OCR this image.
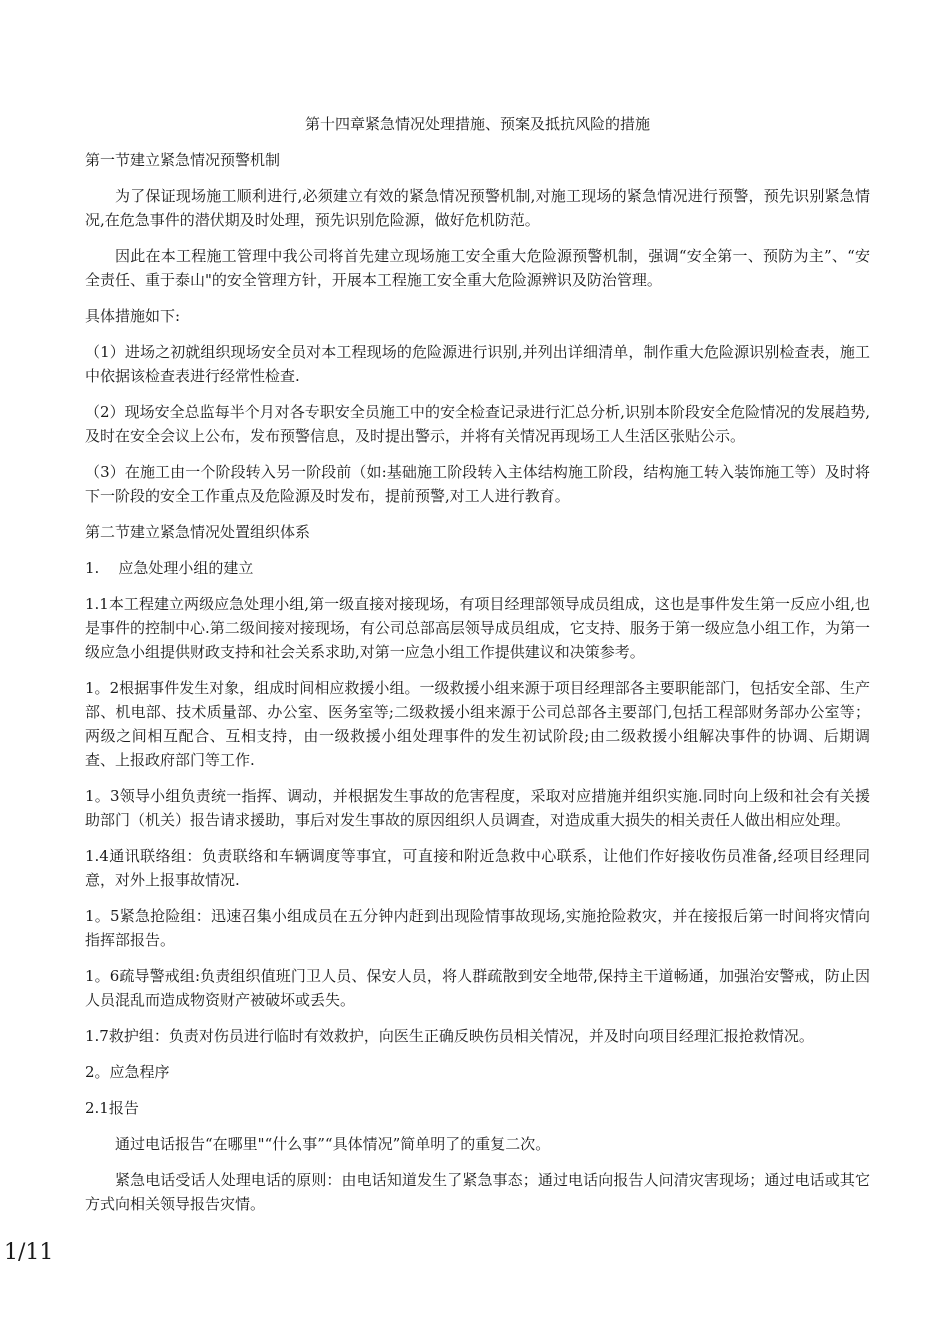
第十四章紧急情况处理措施、预案及抵抗风险的措施

第一节建立紧急情况预警机制

为了保证现场施工顺利进行,必须建立有效的紧急情况预警机制,对施工现场的紧急情况进行预警，预先识别紧急情况,在危急事件的潜伏期及时处理，预先识别危险源，做好危机防范。

因此在本工程施工管理中我公司将首先建立现场施工安全重大危险源预警机制，强调“安全第一、预防为主”、“安全责任、重于泰山"的安全管理方针，开展本工程施工安全重大危险源辨识及防治管理。

具体措施如下:

（1）进场之初就组织现场安全员对本工程现场的危险源进行识别,并列出详细清单，制作重大危险源识别检查表，施工中依据该检查表进行经常性检查.

（2）现场安全总监每半个月对各专职安全员施工中的安全检查记录进行汇总分析,识别本阶段安全危险情况的发展趋势,及时在安全会议上公布，发布预警信息，及时提出警示，并将有关情况再现场工人生活区张贴公示。

（3）在施工由一个阶段转入另一阶段前（如:基础施工阶段转入主体结构施工阶段，结构施工转入装饰施工等）及时将下一阶段的安全工作重点及危险源及时发布，提前预警,对工人进行教育。

第二节建立紧急情况处置组织体系

1.    应急处理小组的建立

1.1本工程建立两级应急处理小组,第一级直接对接现场，有项目经理部领导成员组成，这也是事件发生第一反应小组,也是事件的控制中心.第二级间接对接现场，有公司总部高层领导成员组成，它支持、服务于第一级应急小组工作，为第一级应急小组提供财政支持和社会关系求助,对第一应急小组工作提供建议和决策参考。

1。2根据事件发生对象，组成时间相应救援小组。一级救援小组来源于项目经理部各主要职能部门，包括安全部、生产部、机电部、技术质量部、办公室、医务室等;二级救援小组来源于公司总部各主要部门,包括工程部财务部办公室等；两级之间相互配合、互相支持，由一级救援小组处理事件的发生初试阶段;由二级救援小组解决事件的协调、后期调查、上报政府部门等工作.

1。3领导小组负责统一指挥、调动，并根据发生事故的危害程度，采取对应措施并组织实施.同时向上级和社会有关援助部门（机关）报告请求援助，事后对发生事故的原因组织人员调查，对造成重大损失的相关责任人做出相应处理。

1.4通讯联络组：负责联络和车辆调度等事宜，可直接和附近急救中心联系，让他们作好接收伤员准备,经项目经理同意，对外上报事故情况.

1。5紧急抢险组：迅速召集小组成员在五分钟内赶到出现险情事故现场,实施抢险救灾，并在接报后第一时间将灾情向指挥部报告。

1。6疏导警戒组:负责组织值班门卫人员、保安人员，将人群疏散到安全地带,保持主干道畅通，加强治安警戒，防止因人员混乱而造成物资财产被破坏或丢失。

1.7救护组：负责对伤员进行临时有效救护，向医生正确反映伤员相关情况，并及时向项目经理汇报抢救情况。

2。应急程序

2.1报告

通过电话报告“在哪里"“什么事”“具体情况”简单明了的重复二次。

紧急电话受话人处理电话的原则：由电话知道发生了紧急事态；通过电话向报告人问清灾害现场；通过电话或其它方式向相关领导报告灾情。

1/11
